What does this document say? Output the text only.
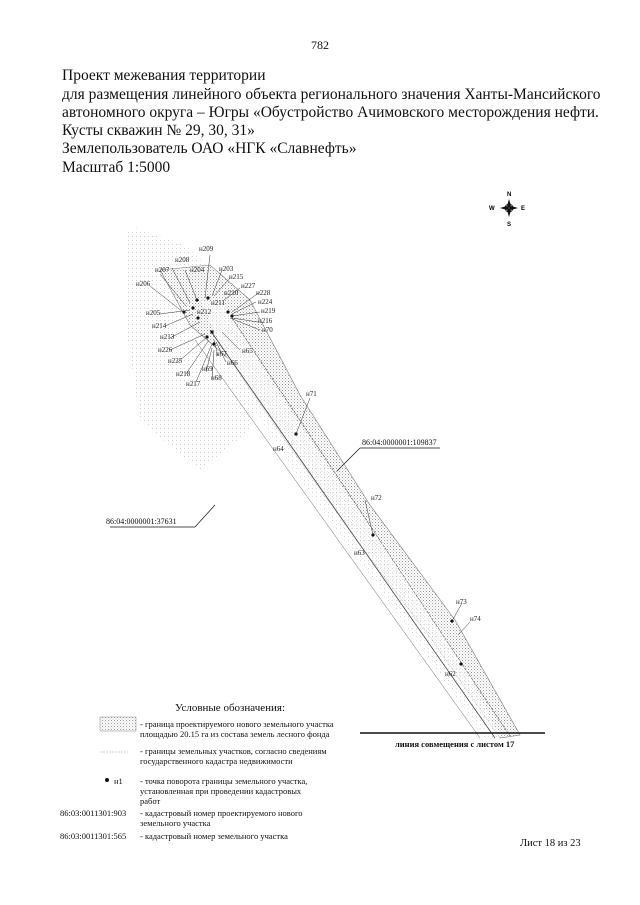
782
Проект межевания территории
для размещения линейного объекта регионального значения Ханты-Мансийского
автономного округа – Югры «Обустройство Ачимовского месторождения нефти.
Кусты скважин № 29, 30, 31»
Землепользователь ОАО «НГК «Славнефть»
Масштаб 1:5000
н209
н208
н204 н203
н207
н215
н227
н206
н210	н228
н224
н211
н219
н205	н212
н216
н214	н70
н213
н65
н226	н67
н225	н66
н218
н69
н217
н68
н71
н64
н72
н63
н73
н74
н62
86:04:0000001:109837
86:04:0000001:37631
N
S
E
W
линия совмещения с листом 17
Условные обозначения:
- граница проектируемого нового земельного участка площадью 20.15 га из состава земель лесного фонда
- границы земельных участков, согласно сведениям государственного кадастра недвижимости
н1 - точка поворота границы земельного участка, установленная при проведении кадастровых работ
86:03:0011301:903 - кадастровый номер проектируемого нового земельного участка
86:03:0011301:565 - кадастровый номер земельного участка
Лист 18 из 23
